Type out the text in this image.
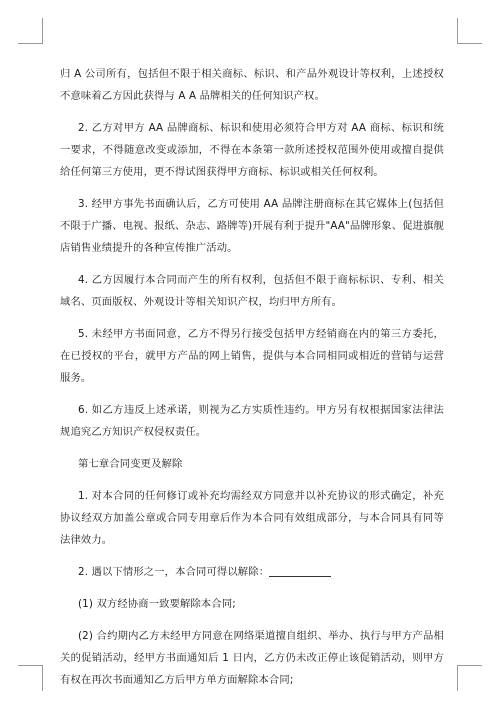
归 A 公司所有，包括但不限于相关商标、标识、和产品外观设计等权利，上述授权不意味着乙方因此获得与 A A 品牌相关的任何知识产权。

2. 乙方对甲方 AA 品牌商标、标识和使用必须符合甲方对 AA 商标、标识和统一要求，不得随意改变或添加，不得在本条第一款所述授权范围外使用或擅自提供给任何第三方使用，更不得试图获得甲方商标、标识或相关任何权利。

3. 经甲方事先书面确认后，乙方可使用 AA 品牌注册商标在其它媒体上(包括但不限于广播、电视、报纸、杂志、路牌等)开展有利于提升"AA"品牌形象、促进旗舰店销售业绩提升的各种宣传推广活动。

4. 乙方因履行本合同而产生的所有权利，包括但不限于商标标识、专利、相关域名、页面版权、外观设计等相关知识产权，均归甲方所有。

5. 未经甲方书面同意，乙方不得另行接受包括甲方经销商在内的第三方委托，在已授权的平台，就甲方产品的网上销售，提供与本合同相同或相近的营销与运营服务。

6. 如乙方违反上述承诺，则视为乙方实质性违约。甲方另有权根据国家法律法规追究乙方知识产权侵权责任。

第七章合同变更及解除

1. 对本合同的任何修订或补充均需经双方同意并以补充协议的形式确定，补充协议经双方加盖公章或合同专用章后作为本合同有效组成部分，与本合同具有同等法律效力。

2. 遇以下情形之一，本合同可得以解除：

(1) 双方经协商一致要解除本合同;

(2) 合约期内乙方未经甲方同意在网络渠道擅自组织、举办、执行与甲方产品相关的促销活动，经甲方书面通知后 1 日内，乙方仍未改正停止该促销活动，则甲方有权在再次书面通知乙方后甲方单方面解除本合同;
